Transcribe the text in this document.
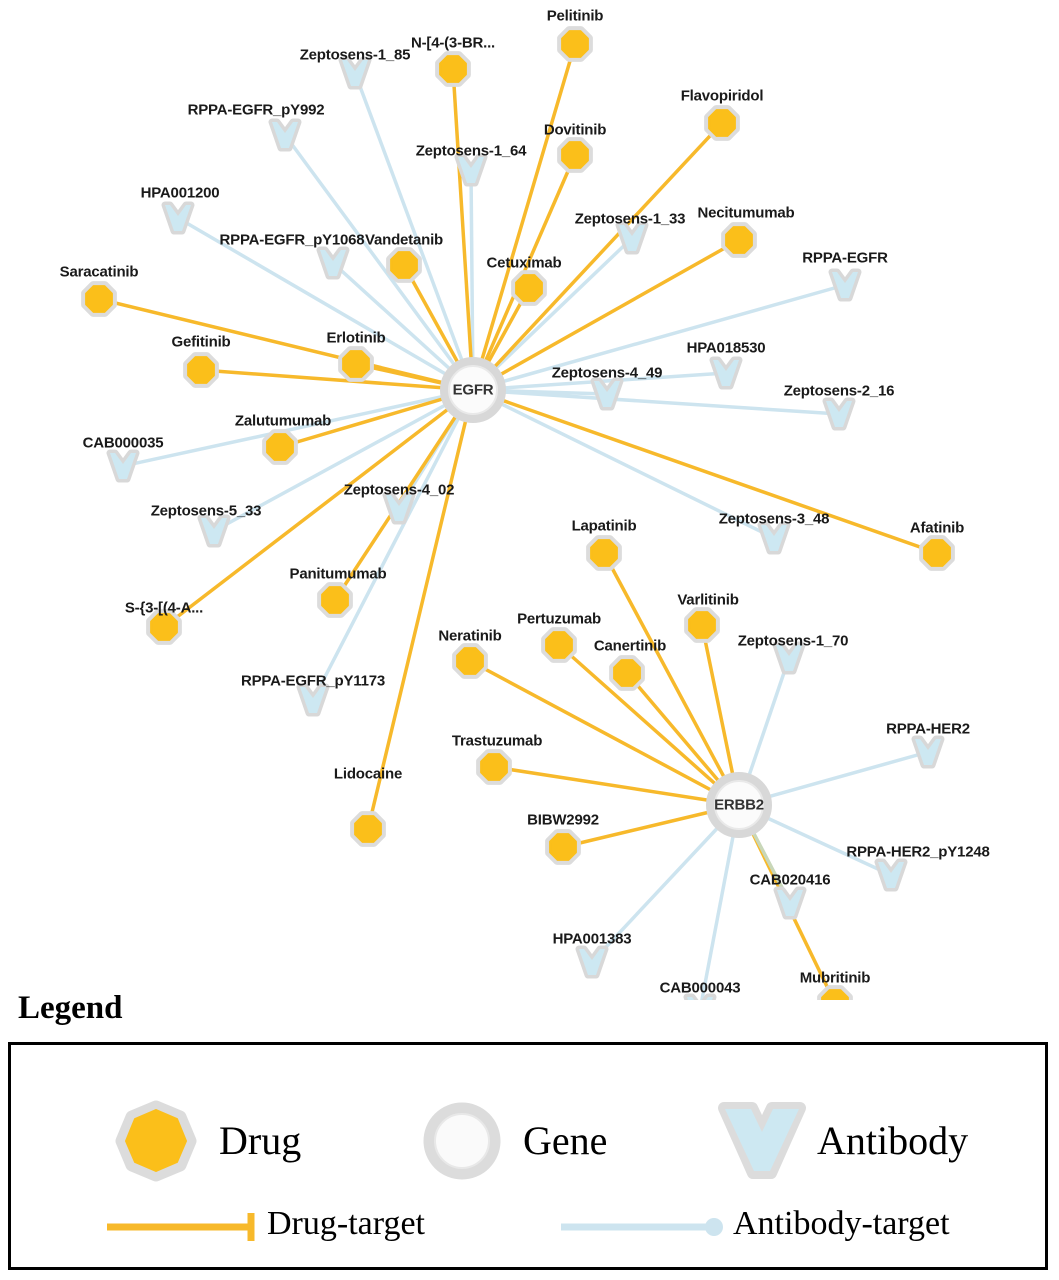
Pelitinib
N-[4-(3-BR...
Flavopiridol
Dovitinib
Necitumumab
Vandetanib
Cetuximab
Saracatinib
Erlotinib
Gefitinib
Zalutumumab
Afatinib
Lapatinib
Panitumumab
Varlitinib
S-{3-[(4-A...
Pertuzumab
Neratinib
Canertinib
Trastuzumab
Lidocaine
BIBW2992
Mubritinib
Zeptosens-1_85
RPPA-EGFR_pY992
Zeptosens-1_64
HPA001200
Zeptosens-1_33
RPPA-EGFR_pY1068
RPPA-EGFR
HPA018530
Zeptosens-4_49
Zeptosens-2_16
CAB000035
Zeptosens-4_02
Zeptosens-5_33	Zeptosens-3_48
Zeptosens-1_70
RPPA-EGFR_pY1173
RPPA-HER2
RPPA-HER2_pY1248
CAB020416
HPA001383
CAB000043
EGFR
ERBB2
Legend
Drug	Gene	Antibody
Drug-target	Antibody-target
